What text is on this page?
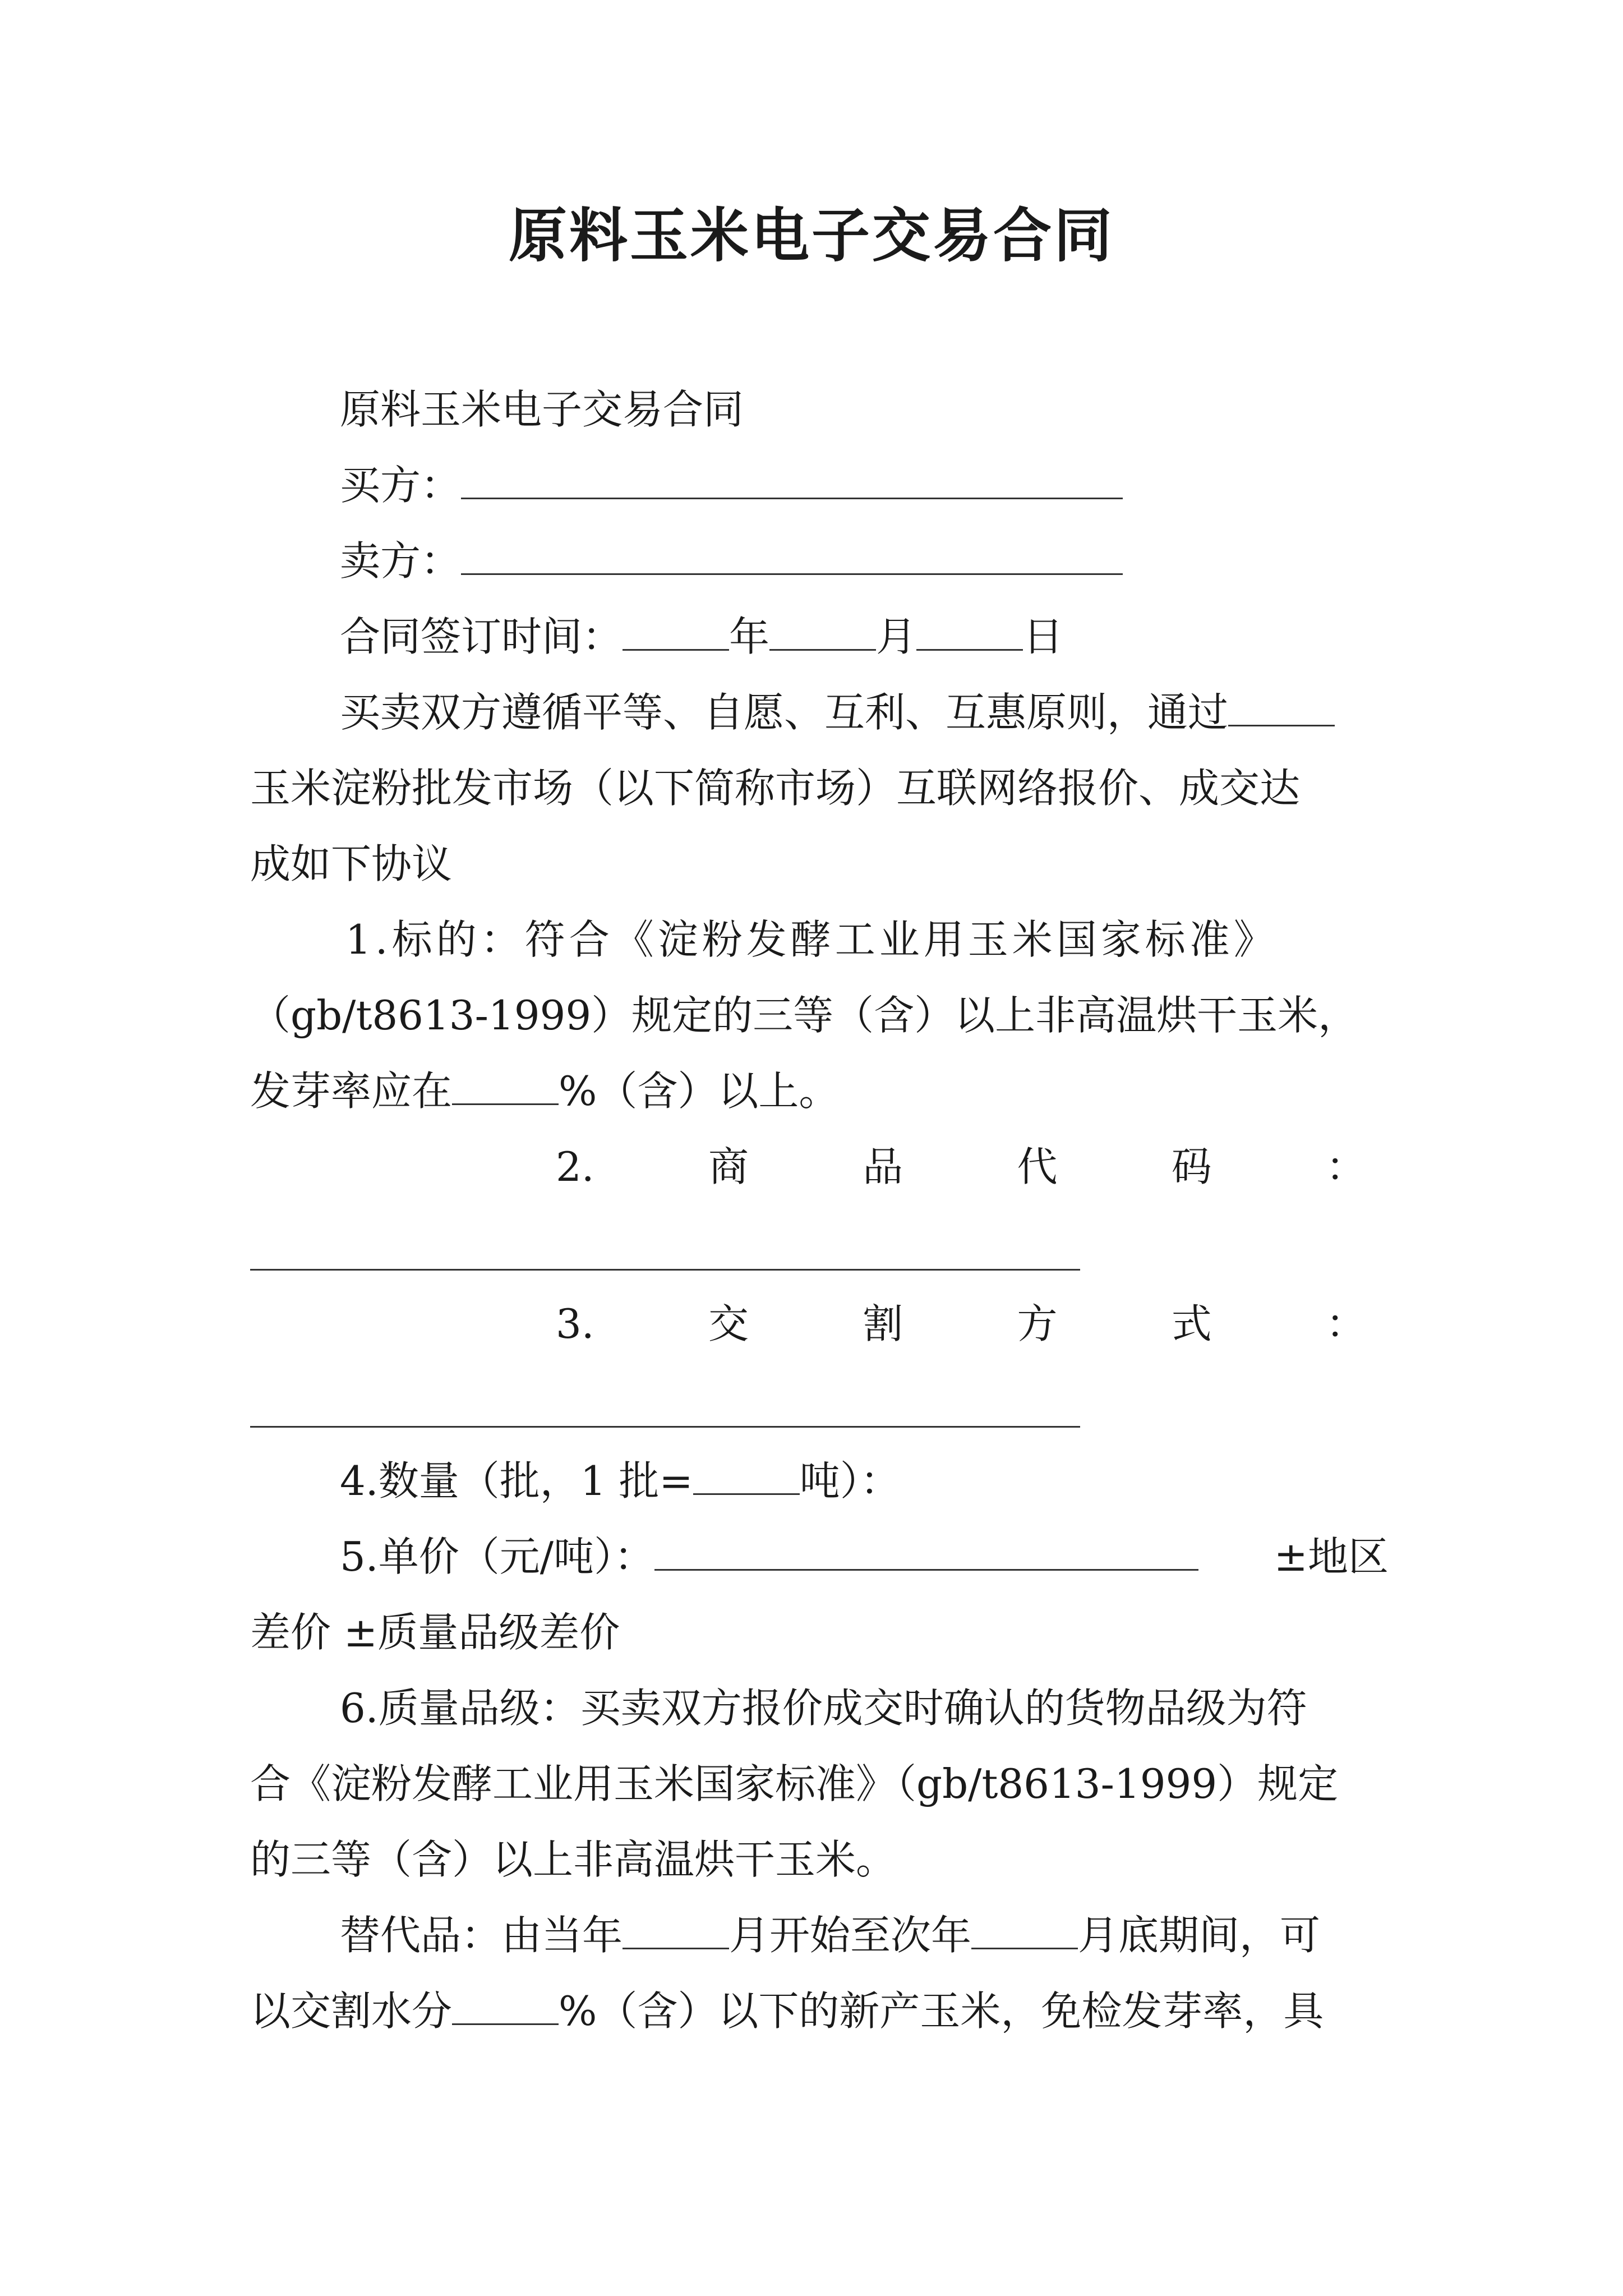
原料玉米电子交易合同
原料玉米电子交易合同
买方：
卖方：
合同签订时间：	年	月	日
买卖双方遵循平等、自愿、互利、互惠原则，通过
玉米淀粉批发市场（以下简称市场）互联网络报价、成交达
成如下协议
1.标的：符合《淀粉发酵工业用玉米国家标准》
（gb/t8613-1999）规定的三等（含）以上非高温烘干玉米，
发芽率应在	%（含）以上。
2.	商	品	代	码	：
3.	交	割	方	式	：
4.数量（批，1 批=	吨）：
5.单价（元/吨）：	±地区
差价 ±质量品级差价
6.质量品级：买卖双方报价成交时确认的货物品级为符
合《淀粉发酵工业用玉米国家标准》（gb/t8613-1999）规定
的三等（含）以上非高温烘干玉米。
替代品：由当年	月开始至次年	月底期间，可
以交割水分	%（含）以下的新产玉米，免检发芽率，具
